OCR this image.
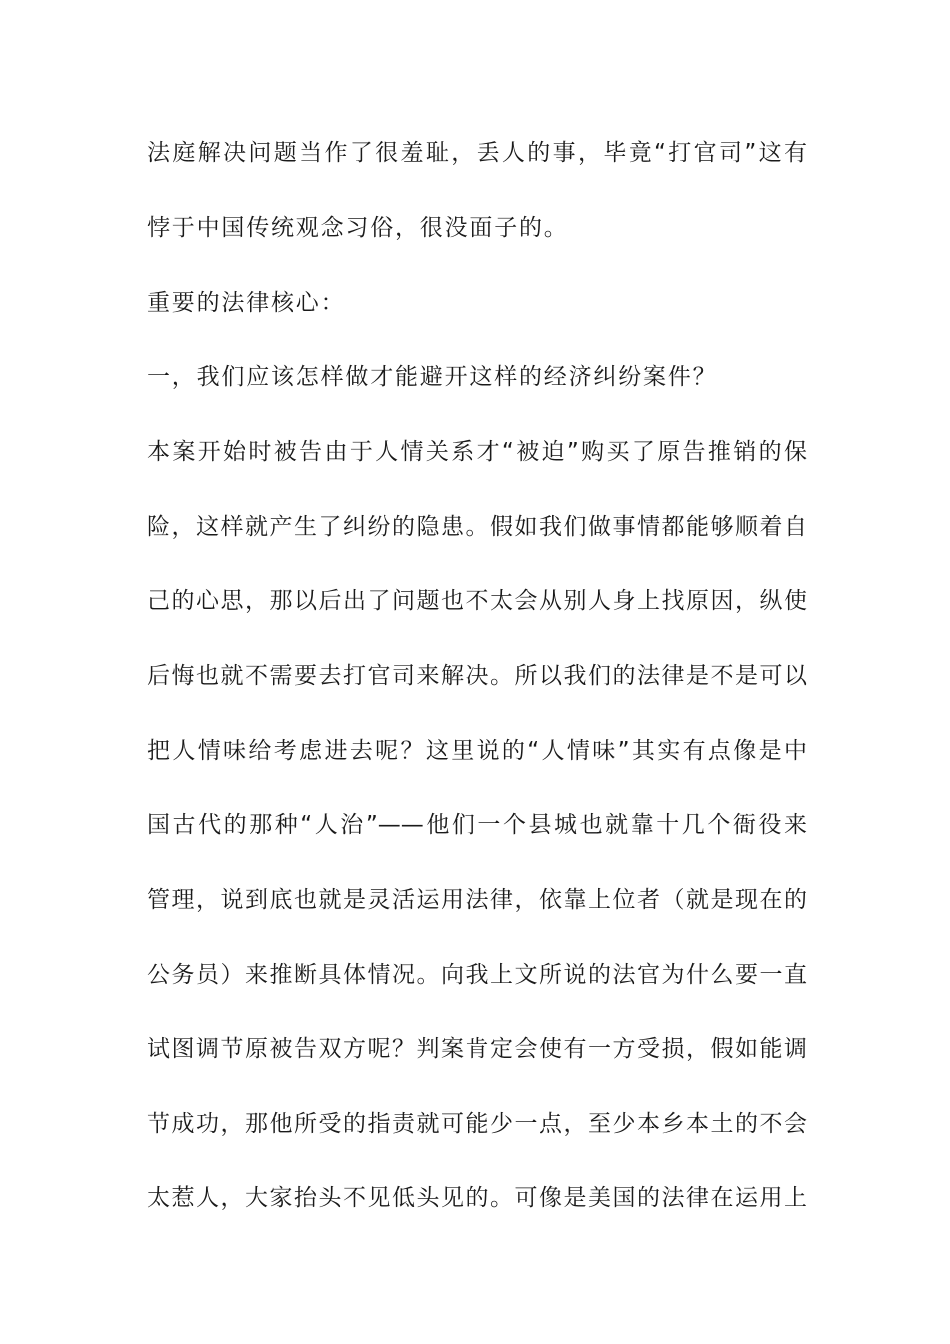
法庭解决问题当作了很羞耻，丢人的事，毕竟“打官司”这有
悖于中国传统观念习俗，很没面子的。
重要的法律核心：
一，我们应该怎样做才能避开这样的经济纠纷案件？
本案开始时被告由于人情关系才“被迫”购买了原告推销的保
险，这样就产生了纠纷的隐患。假如我们做事情都能够顺着自
己的心思，那以后出了问题也不太会从别人身上找原因，纵使
后悔也就不需要去打官司来解决。所以我们的法律是不是可以
把人情味给考虑进去呢？这里说的“人情味”其实有点像是中
国古代的那种“人治”——他们一个县城也就靠十几个衙役来
管理，说到底也就是灵活运用法律，依靠上位者（就是现在的
公务员）来推断具体情况。向我上文所说的法官为什么要一直
试图调节原被告双方呢？判案肯定会使有一方受损，假如能调
节成功，那他所受的指责就可能少一点，至少本乡本土的不会
太惹人，大家抬头不见低头见的。可像是美国的法律在运用上
